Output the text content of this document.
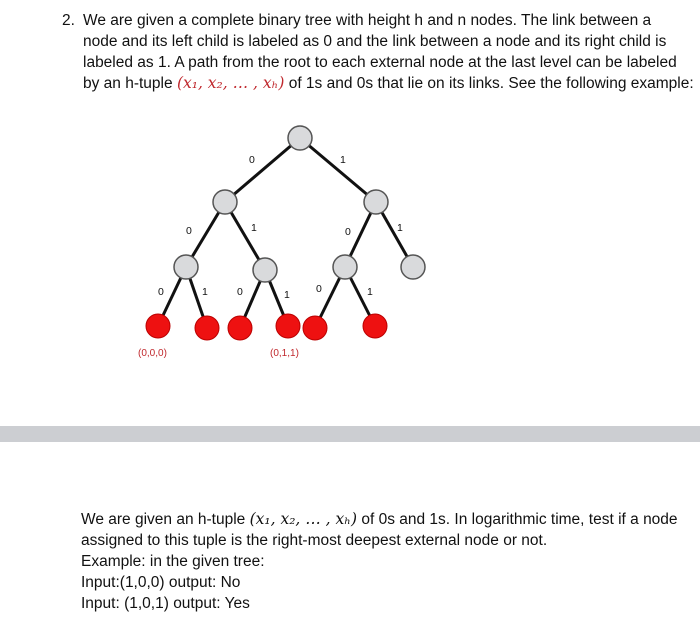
2. We are given a complete binary tree with height h and n nodes. The link between a
node and its left child is labeled as 0 and the link between a node and its right child is
labeled as 1. A path from the root to each external node at the last level can be labeled
by an h-tuple (x₁, x₂, … , xₕ) of 1s and 0s that lie on its links. See the following example:
0	1
0	1	0	1
0	1	0	1 0	1
(0,0,0)	(0,1,1)
We are given an h-tuple (x₁, x₂, … , xₕ) of 0s and 1s. In logarithmic time, test if a node
assigned to this tuple is the right-most deepest external node or not.
Example: in the given tree:
Input:(1,0,0) output: No
Input: (1,0,1) output: Yes
